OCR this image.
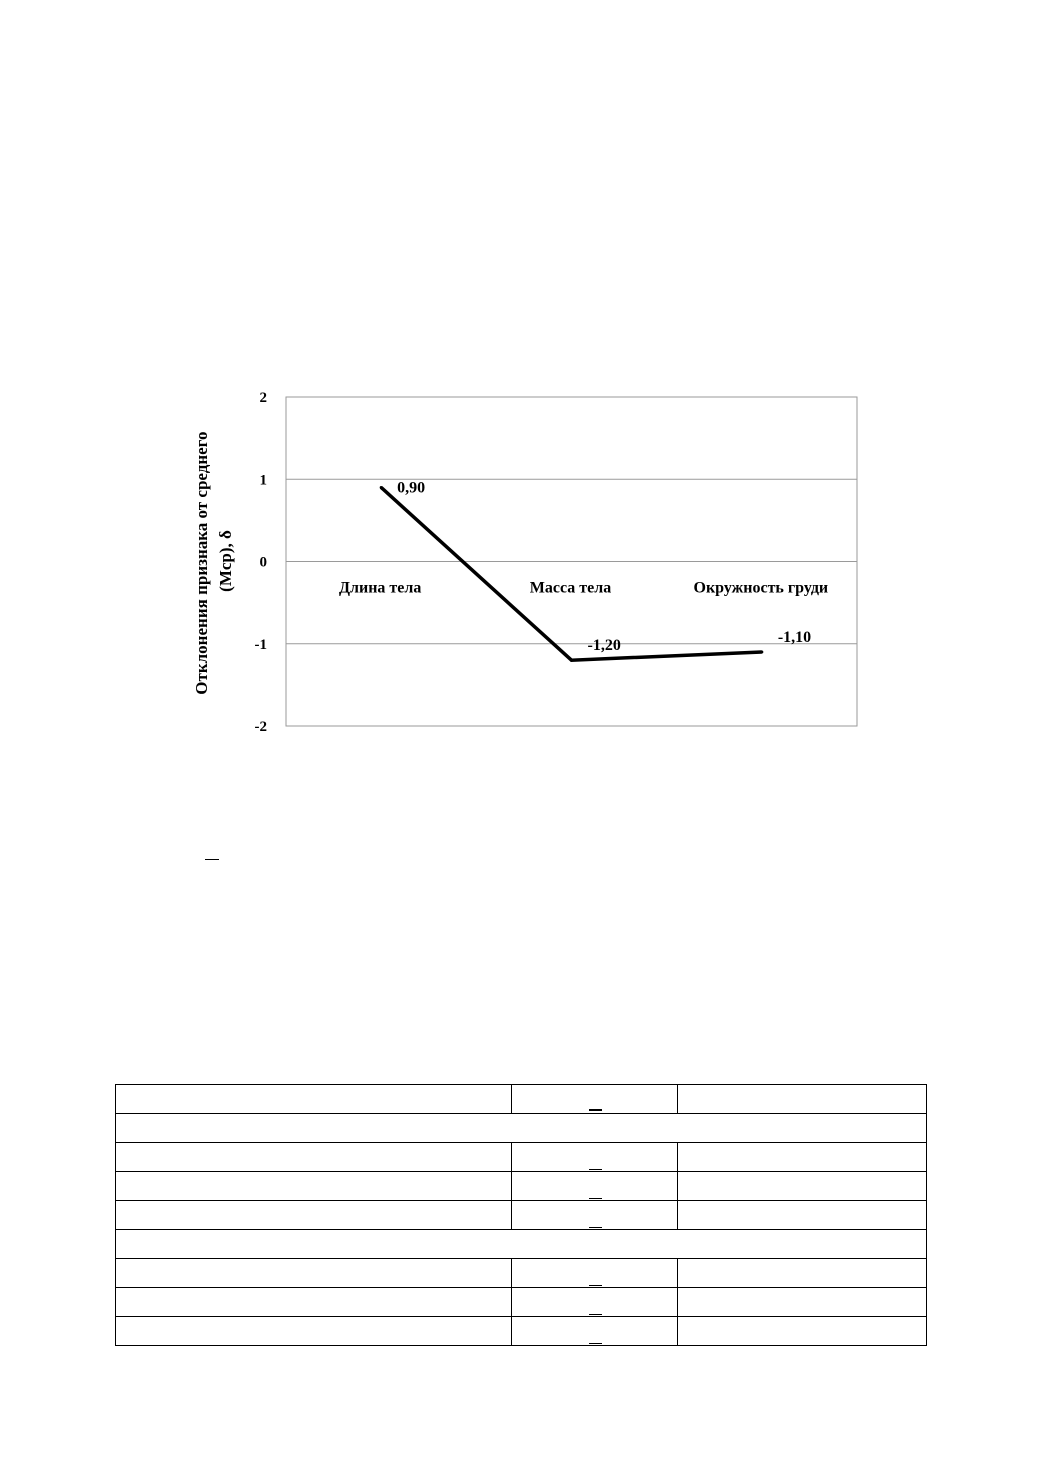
2
1
0
-1
-2
Длина тела	Масса тела	Окружность груди
0,90
-1,20	-1,10
Отклонения признака от среднего (Мср), δ
